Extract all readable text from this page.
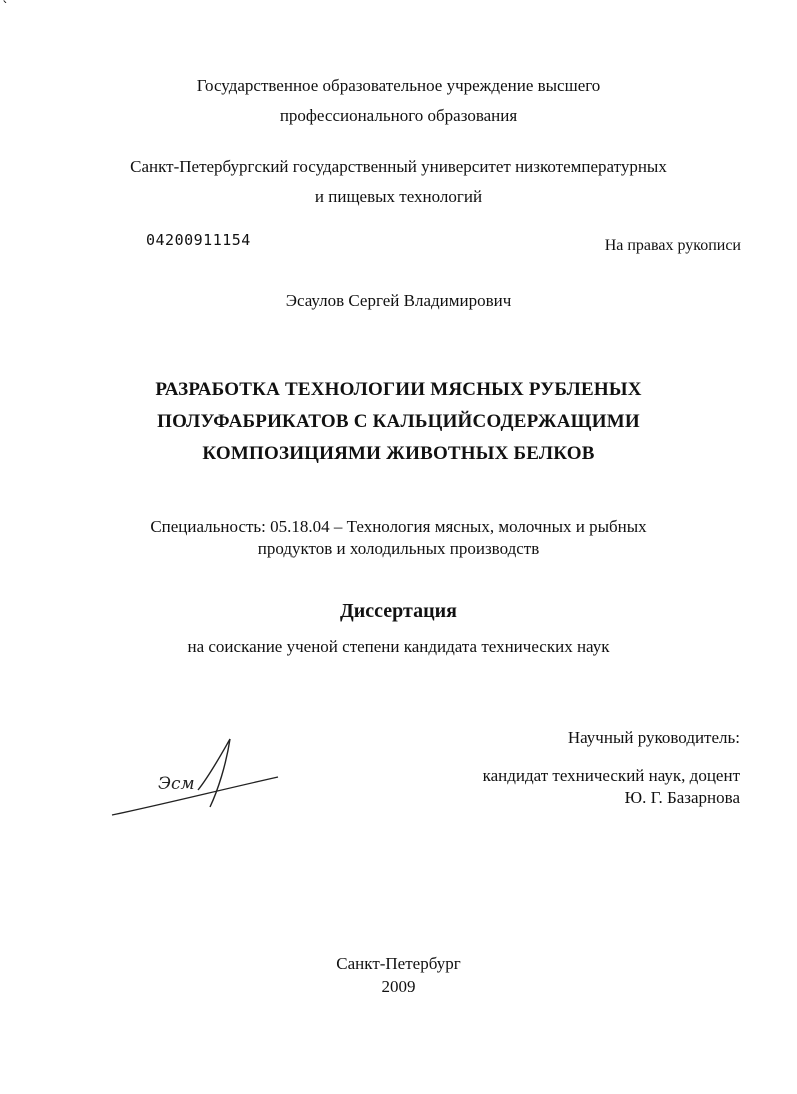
`
Государственное образовательное учреждение высшего
профессионального образования
Санкт-Петербургский государственный университет низкотемпературных
и пищевых технологий
04200911154	На правах рукописи
Эсаулов Сергей Владимирович
РАЗРАБОТКА ТЕХНОЛОГИИ МЯСНЫХ РУБЛЕНЫХ
ПОЛУФАБРИКАТОВ С КАЛЬЦИЙСОДЕРЖАЩИМИ
КОМПОЗИЦИЯМИ ЖИВОТНЫХ БЕЛКОВ
Специальность: 05.18.04 – Технология мясных, молочных и рыбных
продуктов и холодильных производств
Диссертация
на соискание ученой степени кандидата технических наук
Научный руководитель:
кандидат технический наук, доцент
Ю. Г. Базарнова
Эсм
Санкт-Петербург
2009
